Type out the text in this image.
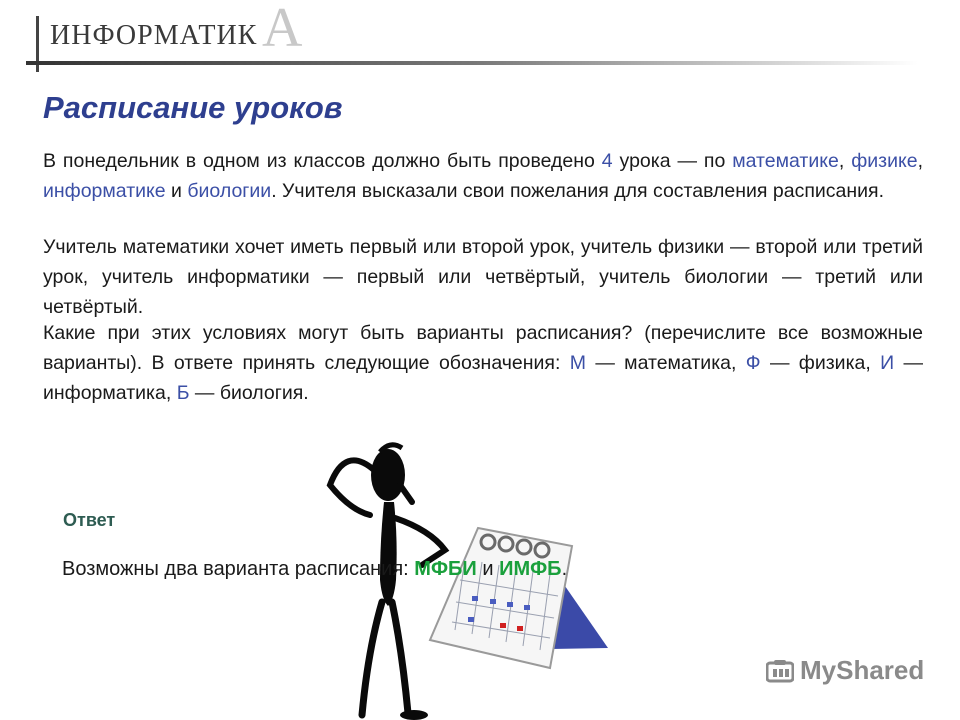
ИНФОРМАТИК А
Расписание уроков

В понедельник в одном из классов должно быть проведено 4 урока — по математике, физике, информатике и биологии. Учителя высказали свои пожелания для составления расписания.

Учитель математики хочет иметь первый или второй урок, учитель физики — второй или третий урок, учитель информатики — первый или четвёртый, учитель биологии — третий или четвёртый.

Какие при этих условиях могут быть варианты расписания? (перечислите все возможные варианты). В ответе принять следующие обозначения: М — математика, Ф — физика, И — информатика, Б — биология.

Ответ
Возможны два варианта расписания: МФБИ и ИМФБ.
MyShared
